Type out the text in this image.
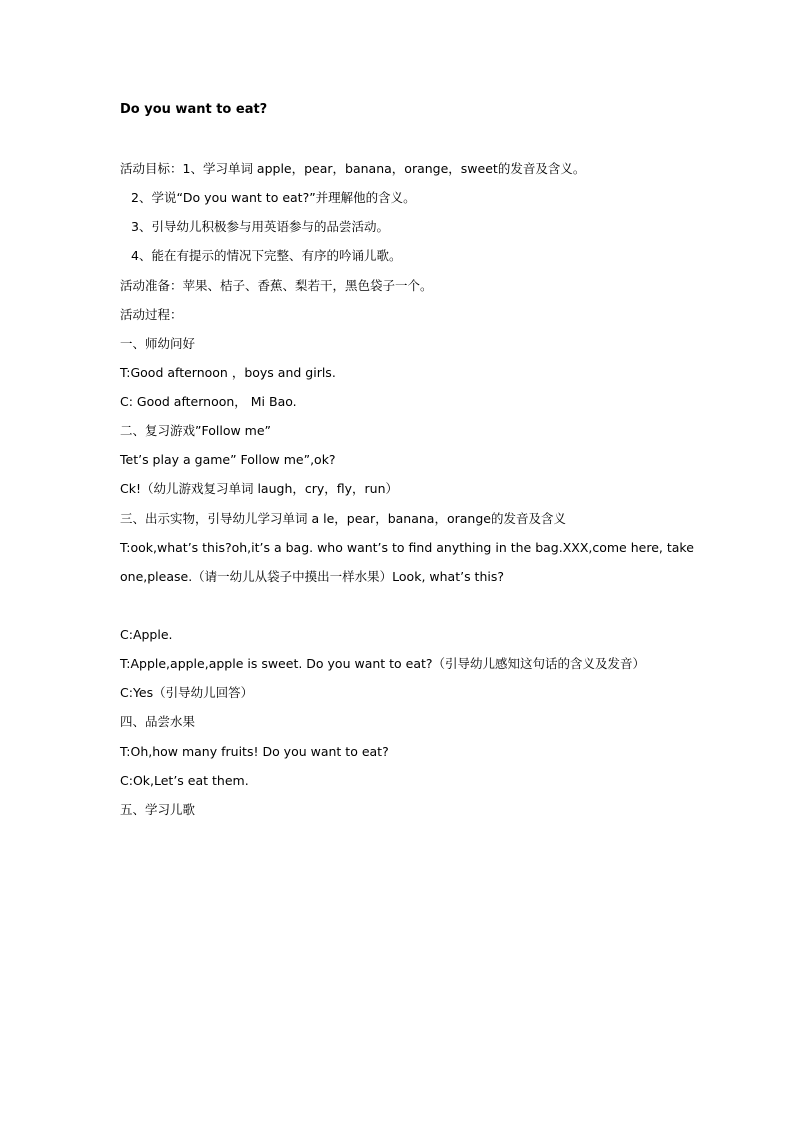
Do you want to eat?
活动目标：1、学习单词 apple，pear，banana，orange，sweet的发音及含义。
2、学说“Do you want to eat?”并理解他的含义。
3、引导幼儿积极参与用英语参与的品尝活动。
4、能在有提示的情况下完整、有序的吟诵儿歌。
活动准备：苹果、桔子、香蕉、梨若干，黑色袋子一个。
活动过程：
一、师幼问好
T:Good afternoon ，boys and girls.
C: Good afternoon， Mi Bao.
二、复习游戏”Follow me”
Tet’s play a game” Follow me”,ok?
Ck!（幼儿游戏复习单词 laugh，cry，fly，run）
三、出示实物，引导幼儿学习单词 a le，pear，banana，orange的发音及含义
T:ook,what’s this?oh,it’s a bag. who want’s to find anything in the bag.XXX,come here, take
one,please.（请一幼儿从袋子中摸出一样水果）Look, what’s this?
C:Apple.
T:Apple,apple,apple is sweet. Do you want to eat?（引导幼儿感知这句话的含义及发音）
C:Yes（引导幼儿回答）
四、品尝水果
T:Oh,how many fruits! Do you want to eat?
C:Ok,Let’s eat them.
五、学习儿歌
